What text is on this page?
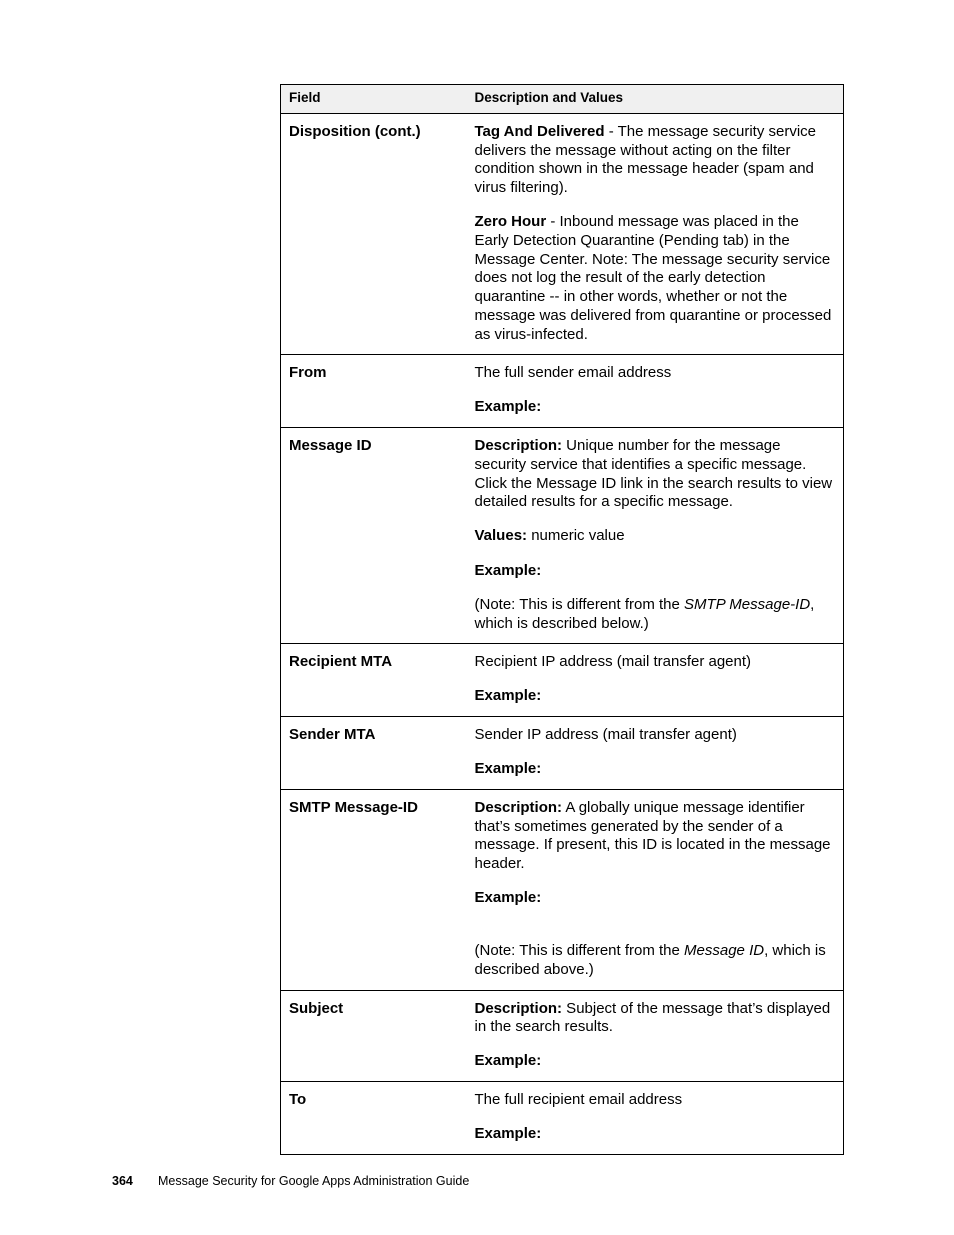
Field	Description and Values
Disposition (cont.)	Tag And Delivered - The message security service delivers the message without acting on the filter condition shown in the message header (spam and virus filtering).

Zero Hour - Inbound message was placed in the Early Detection Quarantine (Pending tab) in the Message Center. Note: The message security service does not log the result of the early detection quarantine -- in other words, whether or not the message was delivered from quarantine or processed as virus-infected.

From	The full sender email address

Example:

Message ID	Description: Unique number for the message security service that identifies a specific message. Click the Message ID link in the search results to view detailed results for a specific message.

Values: numeric value

Example:

(Note: This is different from the SMTP Message-ID, which is described below.)

Recipient MTA	Recipient IP address (mail transfer agent)

Example:

Sender MTA	Sender IP address (mail transfer agent)

Example:

SMTP Message-ID	Description: A globally unique message identifier that’s sometimes generated by the sender of a message. If present, this ID is located in the message header.

Example:

(Note: This is different from the Message ID, which is described above.)

Subject	Description: Subject of the message that’s displayed in the search results.

Example:

To	The full recipient email address

Example:

364 Message Security for Google Apps Administration Guide
